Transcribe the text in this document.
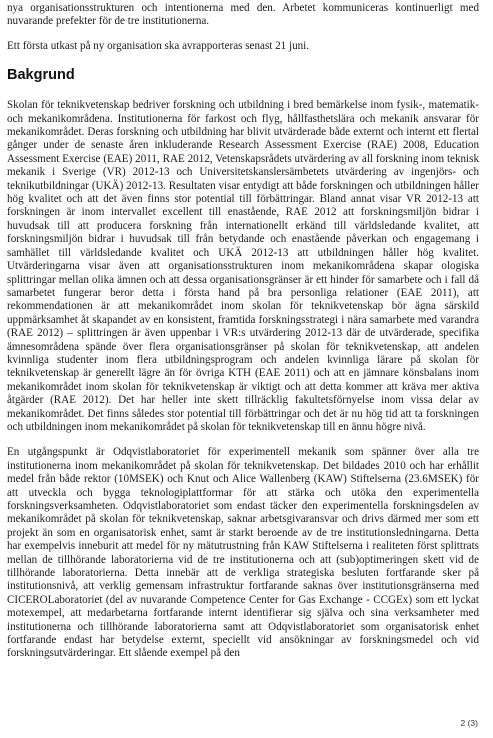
nya organisationsstrukturen och intentionerna med den. Arbetet kommuniceras kontinuerligt med nuvarande prefekter för de tre institutionerna.

Ett första utkast på ny organisation ska avrapporteras senast 21 juni.

Bakgrund

Skolan för teknikvetenskap bedriver forskning och utbildning i bred bemärkelse inom fysik-, matematik- och mekanikområdena. Institutionerna för farkost och flyg, hållfasthetslära och mekanik ansvarar för mekanikområdet. Deras forskning och utbildning har blivit utvärderade både externt och internt ett flertal gånger under de senaste åren inkluderande Research Assessment Exercise (RAE) 2008, Education Assessment Exercise (EAE) 2011, RAE 2012, Vetenskapsrådets utvärdering av all forskning inom teknisk mekanik i Sverige (VR) 2012-13 och Universitetskanslersämbetets utvärdering av ingenjörs- och teknikutbildningar (UKÄ) 2012-13. Resultaten visar entydigt att både forskningen och utbildningen håller hög kvalitet och att det även finns stor potential till förbättringar. Bland annat visar VR 2012-13 att forskningen är inom intervallet excellent till enastående, RAE 2012 att forskningsmiljön bidrar i huvudsak till att producera forskning från internationellt erkänd till världsledande kvalitet, att forskningsmiljön bidrar i huvudsak till från betydande och enastående påverkan och engagemang i samhället till världsledande kvalitet och UKÄ 2012-13 att utbildningen håller hög kvalitet. Utvärderingarna visar även att organisationsstrukturen inom mekanikområdena skapar ologiska splittringar mellan olika ämnen och att dessa organisationsgränser är ett hinder för samarbete och i fall då samarbetet fungerar beror detta i första hand på bra personliga relationer (EAE 2011), att rekommendationen är att mekanikområdet inom skolan för teknikvetenskap bör ägna särskild uppmärksamhet åt skapandet av en konsistent, framtida forskningsstrategi i nära samarbete med varandra (RAE 2012) – splittringen är även uppenbar i VR:s utvärdering 2012-13 där de utvärderade, specifika ämnesområdena spände över flera organisationsgränser på skolan för teknikvetenskap, att andelen kvinnliga studenter inom flera utbildningsprogram och andelen kvinnliga lärare på skolan för teknikvetenskap är generellt lägre än för övriga KTH (EAE 2011) och att en jämnare könsbalans inom mekanikområdet inom skolan för teknikvetenskap är viktigt och att detta kommer att kräva mer aktiva åtgärder (RAE 2012). Det har heller inte skett tillräcklig fakultetsförnyelse inom vissa delar av mekanikområdet. Det finns således stor potential till förbättringar och det är nu hög tid att ta forskningen och utbildningen inom mekanikområdet på skolan för teknikvetenskap till en ännu högre nivå.

En utgångspunkt är Odqvistlaboratoriet för experimentell mekanik som spänner över alla tre institutionerna inom mekanikområdet på skolan för teknikvetenskap. Det bildades 2010 och har erhållit medel från både rektor (10MSEK) och Knut och Alice Wallenberg (KAW) Stiftelserna (23.6MSEK) för att utveckla och bygga teknologiplattformar för att stärka och utöka den experimentella forskningsverksamheten. Odqvistlaboratoriet som endast täcker den experimentella forskningsdelen av mekanikområdet på skolan för teknikvetenskap, saknar arbetsgivaransvar och drivs därmed mer som ett projekt än som en organisatorisk enhet, samt är starkt beroende av de tre institutionsledningarna. Detta har exempelvis inneburit att medel för ny mätutrustning från KAW Stiftelserna i realiteten först splittrats mellan de tillhörande laboratorierna vid de tre institutionerna och att (sub)optimeringen skett vid de tillhörande laboratorierna. Detta innebär att de verkliga strategiska besluten fortfarande sker på institutionsnivå, att verklig gemensam infrastruktur fortfarande saknas över institutionsgränserna med CICEROLaboratoriet (del av nuvarande Competence Center for Gas Exchange - CCGEx) som ett lyckat motexempel, att medarbetarna fortfarande internt identifierar sig själva och sina verksamheter med institutionerna och tillhörande laboratorierna samt att Odqvistlaboratoriet som organisatorisk enhet fortfarande endast har betydelse externt, speciellt vid ansökningar av forskningsmedel och vid forskningsutvärderingar. Ett slående exempel på den

2 (3)
